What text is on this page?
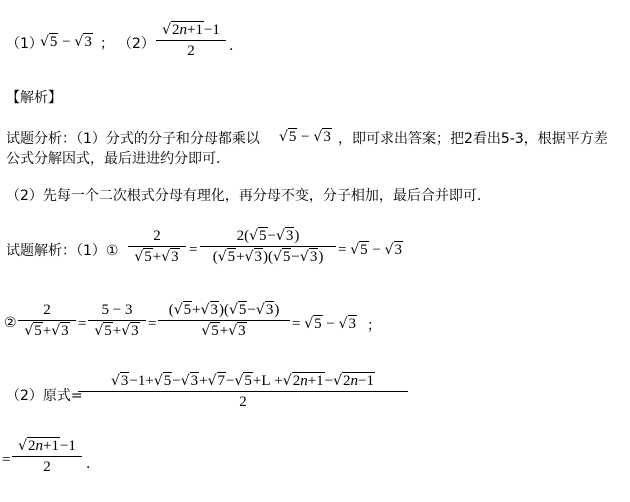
（1）
√5 − √3 ； （2）
√2n+1−1
2	．
【解析】
试题分析：（1）分式的分子和分母都乘以 √5 − √3 ，即可求出答案；把2看出5-3，根据平方差
公式分解因式，最后进进约分即可．
（2）先每一个二次根式分母有理化，再分母不变，分子相加，最后合并即可．
试题解析：（1）①
2
√5+√3 =
2(√5−√3)
(√5+√3)(√5−√3) = √5 − √3
②
2
√5+√3 =
5 − 3
√5+√3 =
(√5+√3)(√5−√3)
√5+√3	= √5 − √3 ；
（2）原式=
√3−1+√5−√3+√7−√5+L +√2n+1−√2n−1
2
=
√2n+1−1
2	．
